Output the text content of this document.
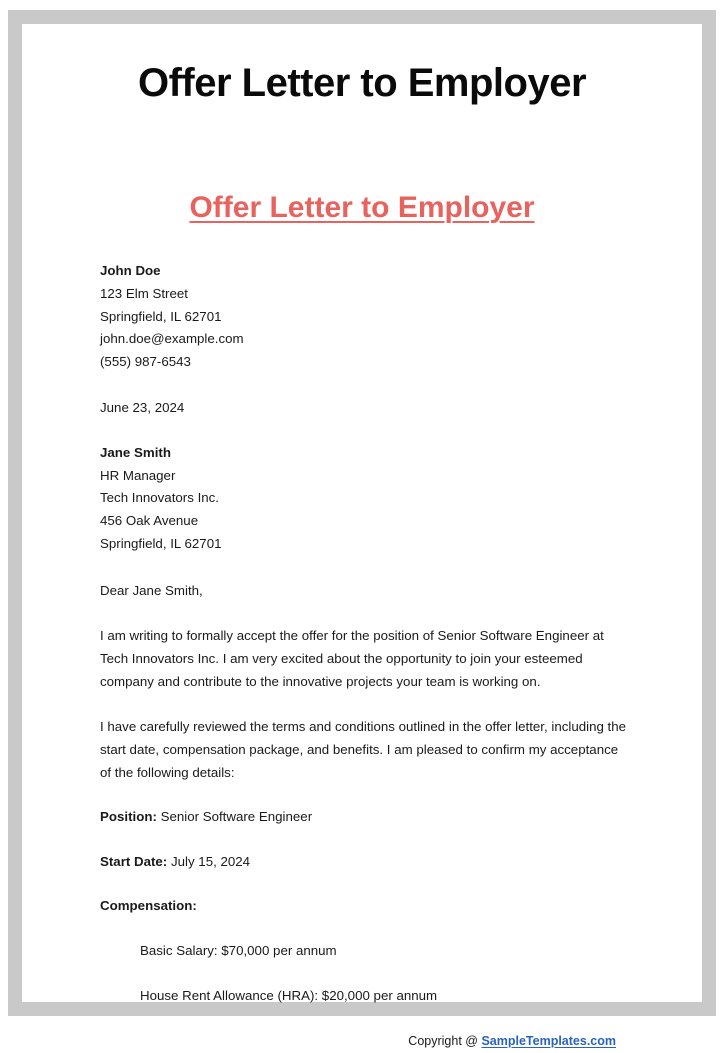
Offer Letter to Employer
Offer Letter to Employer

John Doe

123 Elm Street

Springfield, IL 62701

john.doe@example.com

(555) 987-6543

June 23, 2024

Jane Smith

HR Manager

Tech Innovators Inc.

456 Oak Avenue

Springfield, IL 62701

Dear Jane Smith,

I am writing to formally accept the offer for the position of Senior Software Engineer at Tech Innovators Inc. I am very excited about the opportunity to join your esteemed company and contribute to the innovative projects your team is working on.

I have carefully reviewed the terms and conditions outlined in the offer letter, including the start date, compensation package, and benefits. I am pleased to confirm my acceptance of the following details:

Position: Senior Software Engineer

Start Date: July 15, 2024

Compensation:

Basic Salary: $70,000 per annum

House Rent Allowance (HRA): $20,000 per annum

Copyright @ SampleTemplates.com
